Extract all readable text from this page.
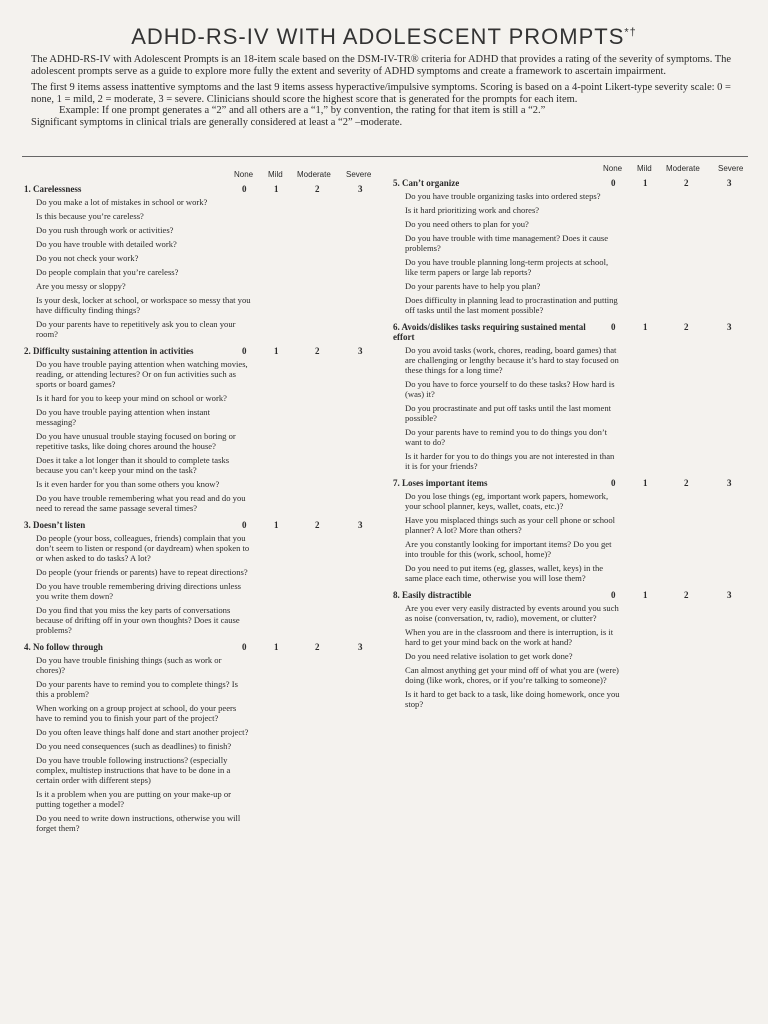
ADHD-RS-IV WITH ADOLESCENT PROMPTS*†

The ADHD-RS-IV with Adolescent Prompts is an 18-item scale based on the DSM-IV-TR® criteria for ADHD that provides a rating of the severity of symptoms. The adolescent prompts serve as a guide to explore more fully the extent and severity of ADHD symptoms and create a framework to ascertain impairment.

The first 9 items assess inattentive symptoms and the last 9 items assess hyperactive/impulsive symptoms. Scoring is based on a 4-point Likert-type severity scale: 0 = none, 1 = mild, 2 = moderate, 3 = severe. Clinicians should score the highest score that is generated for the prompts for each item.

Example: If one prompt generates a “2” and all others are a “1,” by convention, the rating for that item is still a “2.”

Significant symptoms in clinical trials are generally considered at least a “2” –moderate.

None Mild Moderate Severe
1. Carelessness	0	1	2	3
Do you make a lot of mistakes in school or work?
Is this because you’re careless?
Do you rush through work or activities?
Do you have trouble with detailed work?
Do you not check your work?
Do people complain that you’re careless?
Are you messy or sloppy?
Is your desk, locker at school, or workspace so messy that you have difficulty finding things?
Do your parents have to repetitively ask you to clean your room?
2. Difficulty sustaining attention in activities	0	1	2	3
Do you have trouble paying attention when watching movies, reading, or attending lectures? Or on fun activities such as sports or board games?
Is it hard for you to keep your mind on school or work?
Do you have trouble paying attention when instant messaging?
Do you have unusual trouble staying focused on boring or repetitive tasks, like doing chores around the house?
Does it take a lot longer than it should to complete tasks because you can’t keep your mind on the task?
Is it even harder for you than some others you know?
Do you have trouble remembering what you read and do you need to reread the same passage several times?
3. Doesn’t listen	0	1	2	3
Do people (your boss, colleagues, friends) complain that you don’t seem to listen or respond (or daydream) when spoken to or when asked to do tasks? A lot?
Do people (your friends or parents) have to repeat directions?
Do you have trouble remembering driving directions unless you write them down?
Do you find that you miss the key parts of conversations because of drifting off in your own thoughts? Does it cause problems?
4. No follow through	0	1	2	3
Do you have trouble finishing things (such as work or chores)?
Do your parents have to remind you to complete things? Is this a problem?
When working on a group project at school, do your peers have to remind you to finish your part of the project?
Do you often leave things half done and start another project?
Do you need consequences (such as deadlines) to finish?
Do you have trouble following instructions? (especially complex, multistep instructions that have to be done in a certain order with different steps)
Is it a problem when you are putting on your make-up or putting together a model?
Do you need to write down instructions, otherwise you will forget them?
None Mild Moderate Severe
5. Can’t organize	0	1	2	3
Do you have trouble organizing tasks into ordered steps?
Is it hard prioritizing work and chores?
Do you need others to plan for you?
Do you have trouble with time management? Does it cause problems?
Do you have trouble planning long-term projects at school, like term papers or large lab reports?
Do your parents have to help you plan?
Does difficulty in planning lead to procrastination and putting off tasks until the last moment possible?
6. Avoids/dislikes tasks requiring sustained mental effort
0	1	2	3
Do you avoid tasks (work, chores, reading, board games) that are challenging or lengthy because it’s hard to stay focused on these things for a long time?
Do you have to force yourself to do these tasks? How hard is (was) it?
Do you procrastinate and put off tasks until the last moment possible?
Do your parents have to remind you to do things you don’t want to do?
Is it harder for you to do things you are not interested in than it is for your friends?
7. Loses important items	0	1	2	3
Do you lose things (eg, important work papers, homework, your school planner, keys, wallet, coats, etc.)?
Have you misplaced things such as your cell phone or school planner? A lot? More than others?
Are you constantly looking for important items? Do you get into trouble for this (work, school, home)?
Do you need to put items (eg, glasses, wallet, keys) in the same place each time, otherwise you will lose them?
8. Easily distractible	0	1	2	3
Are you ever very easily distracted by events around you such as noise (conversation, tv, radio), movement, or clutter?
When you are in the classroom and there is interruption, is it hard to get your mind back on the work at hand?
Do you need relative isolation to get work done?
Can almost anything get your mind off of what you are (were) doing (like work, chores, or if you’re talking to someone)?
Is it hard to get back to a task, like doing homework, once you stop?
